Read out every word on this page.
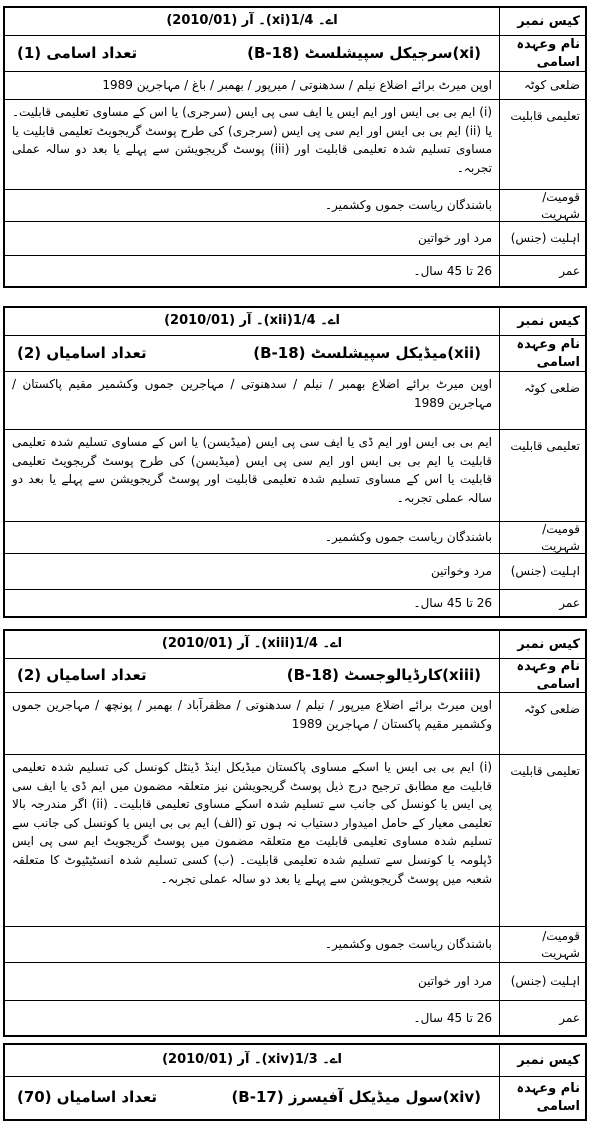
کیس نمبر
اے۔ 1/4(xi)۔ آر (2010/01)
نام وعہدہ اسامی
(xi)سرجیکل سپیشلسٹ (B-18)
تعداد اسامی (1)
ضلعی کوٹہ
اوپن میرٹ برائے اضلاع نیلم / سدھنوتی / میرپور / بھمبر / باغ / مہاجرین 1989
تعلیمی قابلیت
(i) ایم بی بی ایس اور ایم ایس یا ایف سی پی ایس (سرجری) یا اس کے مساوی تعلیمی قابلیت۔ یا (ii) ایم بی بی ایس اور ایم سی پی ایس (سرجری) کی طرح پوسٹ گریجویٹ تعلیمی قابلیت یا مساوی تسلیم شدہ تعلیمی قابلیت اور (iii) پوسٹ گریجویشن سے پہلے یا بعد دو سالہ عملی تجربہ۔
قومیت/شہریت
باشندگان ریاست جموں وکشمیر۔
اہلیت (جنس)
مرد اور خواتین
عمر
26 تا 45 سال۔
کیس نمبر
اے۔ 1/4(xii)۔ آر (2010/01)
نام وعہدہ اسامی
(xii)میڈیکل سپیشلسٹ (B-18)
تعداد اسامیاں (2)
ضلعی کوٹہ
اوپن میرٹ برائے اضلاع بھمبر / نیلم / سدھنوتی / مہاجرین جموں وکشمیر مقیم پاکستان / مہاجرین 1989
تعلیمی قابلیت
ایم بی بی ایس اور ایم ڈی یا ایف سی پی ایس (میڈیسن) یا اس کے مساوی تسلیم شدہ تعلیمی قابلیت یا ایم بی بی ایس اور ایم سی پی ایس (میڈیسن) کی طرح پوسٹ گریجویٹ تعلیمی قابلیت یا اس کے مساوی تسلیم شدہ تعلیمی قابلیت اور پوسٹ گریجویشن سے پہلے یا بعد دو سالہ عملی تجربہ۔
قومیت/شہریت
باشندگان ریاست جموں وکشمیر۔
اہلیت (جنس)
مرد وخواتین
عمر
26 تا 45 سال۔
کیس نمبر
اے۔ 1/4(xiii)۔ آر (2010/01)
نام وعہدہ اسامی
(xiii)کارڈیالوجسٹ (B-18)
تعداد اسامیاں (2)
ضلعی کوٹہ
اوپن میرٹ برائے اضلاع میرپور / نیلم / سدھنوتی / مظفرآباد / بھمبر / پونچھ / مہاجرین جموں وکشمیر مقیم پاکستان / مہاجرین 1989
تعلیمی قابلیت
(i) ایم بی بی ایس یا اسکے مساوی پاکستان میڈیکل اینڈ ڈینٹل کونسل کی تسلیم شدہ تعلیمی قابلیت مع مطابق ترجیح درج ذیل پوسٹ گریجویشن نیز متعلقہ مضمون میں ایم ڈی یا ایف سی پی ایس یا کونسل کی جانب سے تسلیم شدہ اسکے مساوی تعلیمی قابلیت۔ (ii) اگر مندرجہ بالا تعلیمی معیار کے حامل امیدوار دستیاب نہ ہوں تو (الف) ایم بی بی ایس یا کونسل کی جانب سے تسلیم شدہ مساوی تعلیمی قابلیت مع متعلقہ مضمون میں پوسٹ گریجویٹ ایم سی پی ایس ڈپلومہ یا کونسل سے تسلیم شدہ تعلیمی قابلیت۔ (ب) کسی تسلیم شدہ انسٹیٹیوٹ کا متعلقہ شعبہ میں پوسٹ گریجویشن سے پہلے یا بعد دو سالہ عملی تجربہ۔
قومیت/شہریت
باشندگان ریاست جموں وکشمیر۔
اہلیت (جنس)
مرد اور خواتین
عمر
26 تا 45 سال۔
کیس نمبر
اے۔ 1/3(xiv)۔ آر (2010/01)
نام وعہدہ اسامی
(xiv)سول میڈیکل آفیسرز (B-17)
تعداد اسامیاں (70)
